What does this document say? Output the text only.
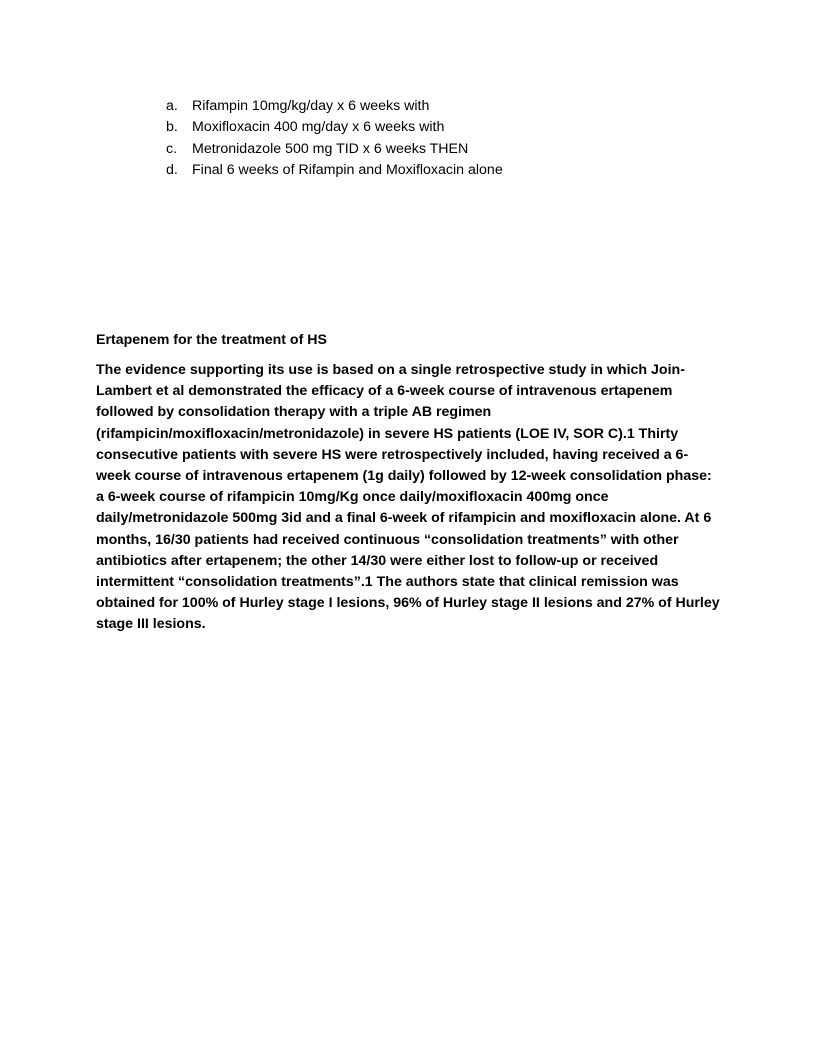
a. Rifampin 10mg/kg/day x 6 weeks with
b. Moxifloxacin 400 mg/day x 6 weeks with
c.	Metronidazole 500 mg TID x 6 weeks THEN
d. Final 6 weeks of Rifampin and Moxifloxacin alone
Ertapenem for the treatment of HS

The evidence supporting its use is based on a single retrospective study in which Join-Lambert et al demonstrated the efficacy of a 6-week course of intravenous ertapenem followed by consolidation therapy with a triple AB regimen (rifampicin/moxifloxacin/metronidazole) in severe HS patients (LOE IV, SOR C).1 Thirty consecutive patients with severe HS were retrospectively included, having received a 6-week course of intravenous ertapenem (1g daily) followed by 12-week consolidation phase: a 6-week course of rifampicin 10mg/Kg once daily/moxifloxacin 400mg once daily/metronidazole 500mg 3id and a final 6-week of rifampicin and moxifloxacin alone. At 6 months, 16/30 patients had received continuous “consolidation treatments” with other antibiotics after ertapenem; the other 14/30 were either lost to follow-up or received intermittent “consolidation treatments”.1 The authors state that clinical remission was obtained for 100% of Hurley stage I lesions, 96% of Hurley stage II lesions and 27% of Hurley stage III lesions.
